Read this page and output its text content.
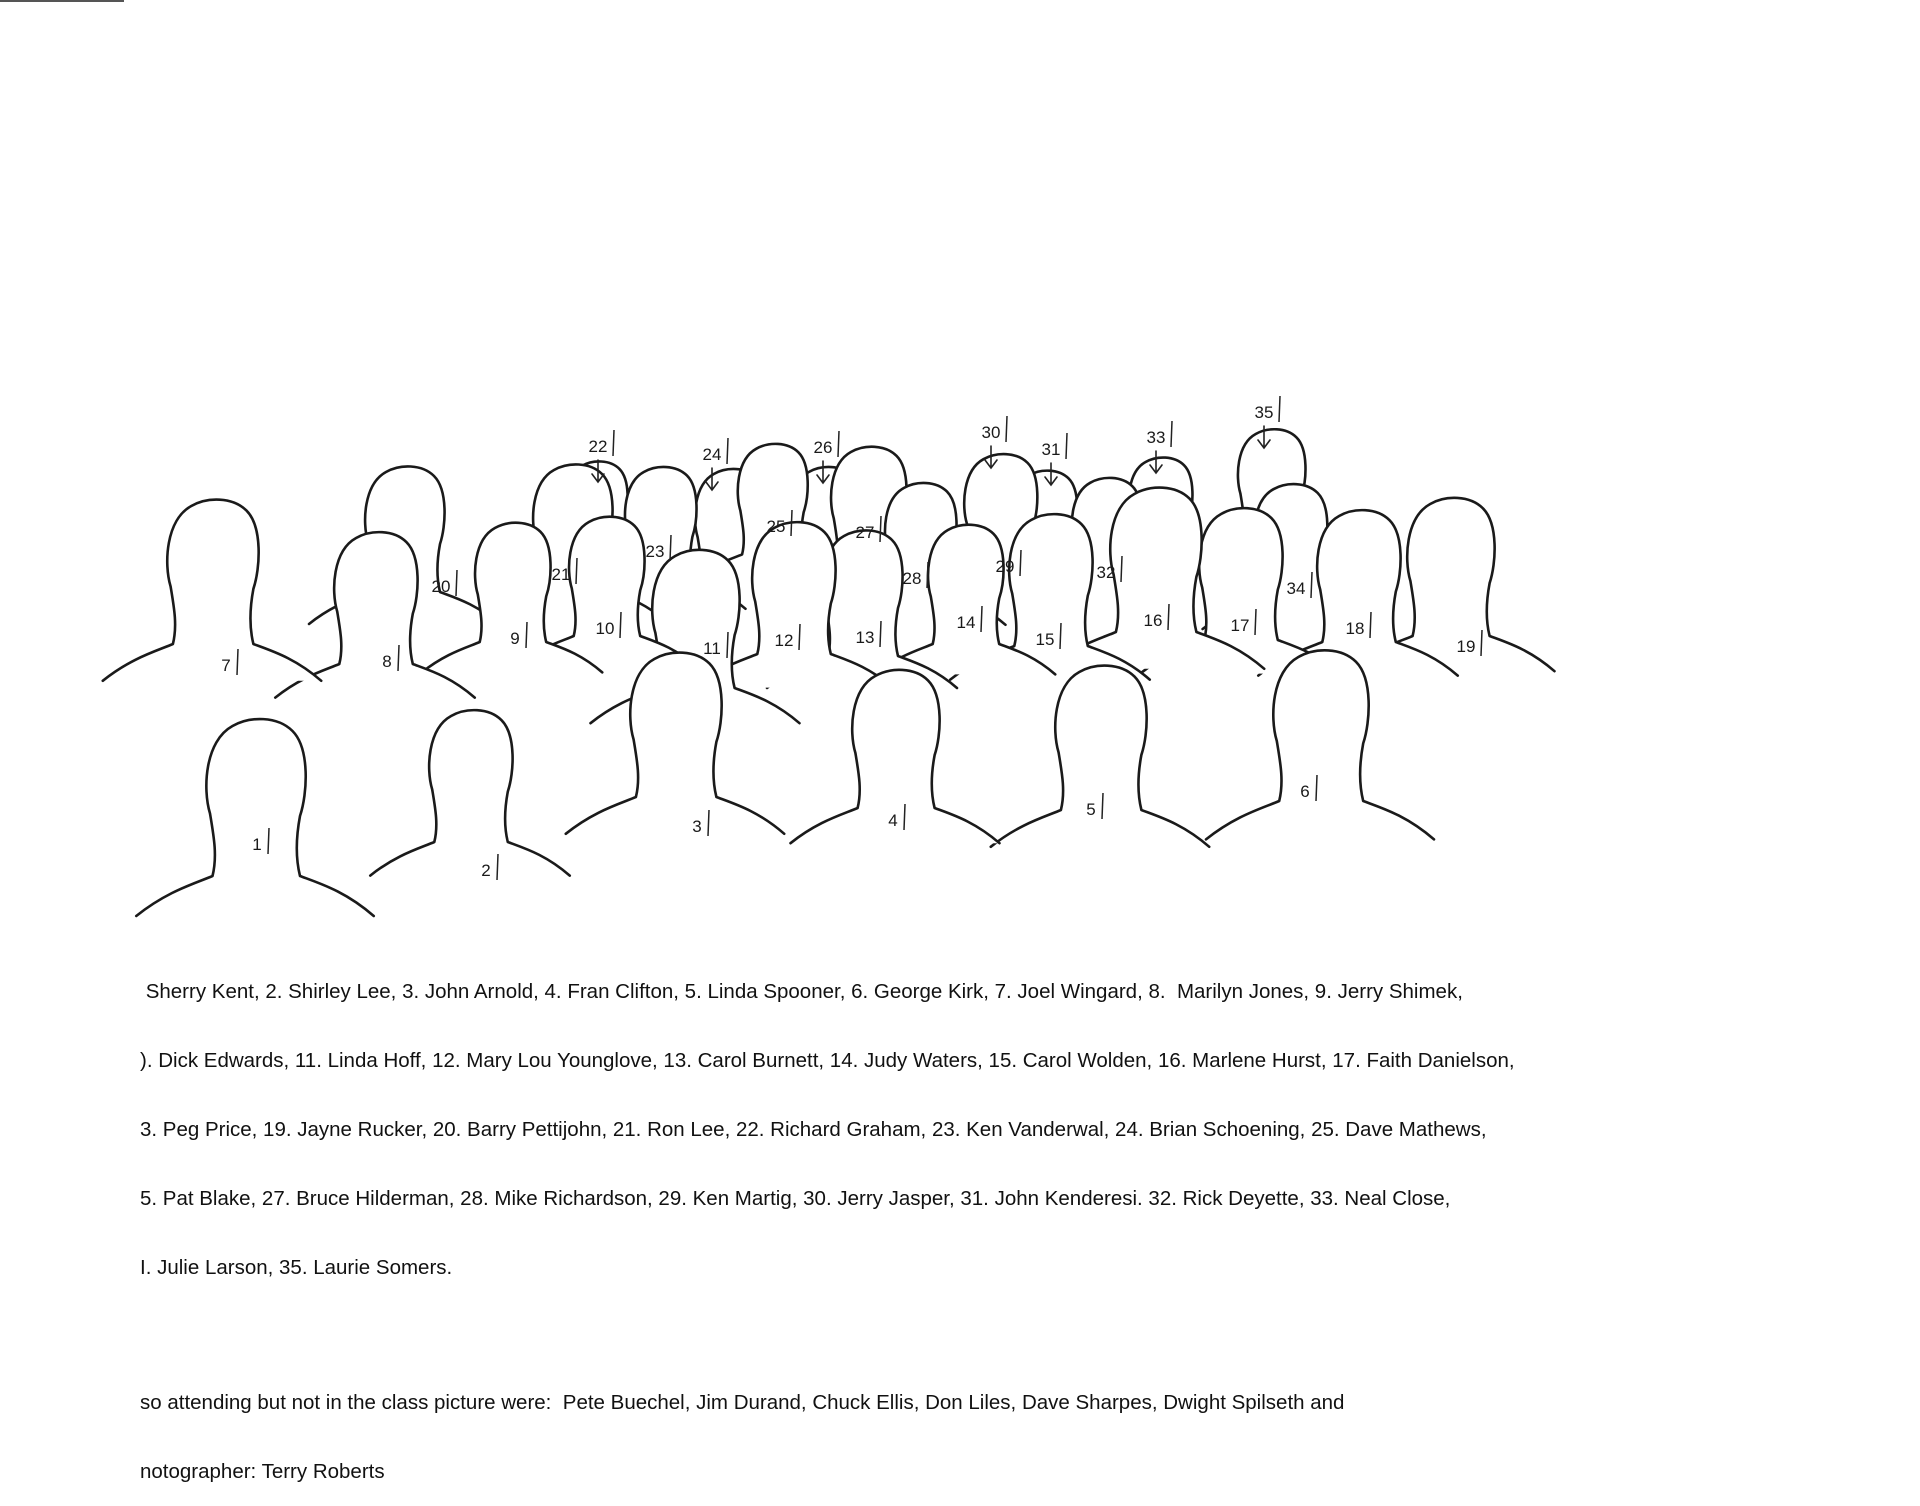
1
2
3	4
5
6
7	8
9
10
11	12	13
14
15
16	17	18
19
20
21
22
23
24
25
26
27
28
29
30
31
32
33
34
35

Sherry Kent, 2. Shirley Lee, 3. John Arnold, 4. Fran Clifton, 5. Linda Spooner, 6. George Kirk, 7. Joel Wingard, 8.  Marilyn Jones, 9. Jerry Shimek,

). Dick Edwards, 11. Linda Hoff, 12. Mary Lou Younglove, 13. Carol Burnett, 14. Judy Waters, 15. Carol Wolden, 16. Marlene Hurst, 17. Faith Danielson,

3. Peg Price, 19. Jayne Rucker, 20. Barry Pettijohn, 21. Ron Lee, 22. Richard Graham, 23. Ken Vanderwal, 24. Brian Schoening, 25. Dave Mathews,

5. Pat Blake, 27. Bruce Hilderman, 28. Mike Richardson, 29. Ken Martig, 30. Jerry Jasper, 31. John Kenderesi. 32. Rick Deyette, 33. Neal Close,

I. Julie Larson, 35. Laurie Somers.

so attending but not in the class picture were:  Pete Buechel, Jim Durand, Chuck Ellis, Don Liles, Dave Sharpes, Dwight Spilseth and

notographer: Terry Roberts
